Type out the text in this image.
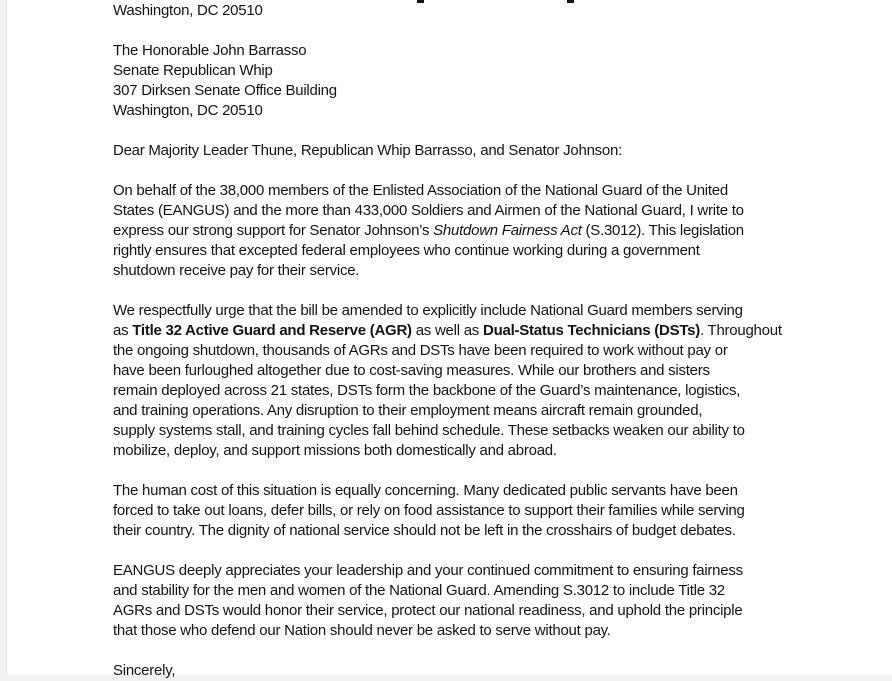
Washington, DC 20510
The Honorable John Barrasso
Senate Republican Whip
307 Dirksen Senate Office Building
Washington, DC 20510
Dear Majority Leader Thune, Republican Whip Barrasso, and Senator Johnson:
On behalf of the 38,000 members of the Enlisted Association of the National Guard of the United
States (EANGUS) and the more than 433,000 Soldiers and Airmen of the National Guard, I write to
express our strong support for Senator Johnson’s Shutdown Fairness Act (S.3012). This legislation
rightly ensures that excepted federal employees who continue working during a government
shutdown receive pay for their service.
We respectfully urge that the bill be amended to explicitly include National Guard members serving
as Title 32 Active Guard and Reserve (AGR) as well as Dual-Status Technicians (DSTs). Throughout
the ongoing shutdown, thousands of AGRs and DSTs have been required to work without pay or
have been furloughed altogether due to cost-saving measures. While our brothers and sisters
remain deployed across 21 states, DSTs form the backbone of the Guard’s maintenance, logistics,
and training operations. Any disruption to their employment means aircraft remain grounded,
supply systems stall, and training cycles fall behind schedule. These setbacks weaken our ability to
mobilize, deploy, and support missions both domestically and abroad.
The human cost of this situation is equally concerning. Many dedicated public servants have been
forced to take out loans, defer bills, or rely on food assistance to support their families while serving
their country. The dignity of national service should not be left in the crosshairs of budget debates.
EANGUS deeply appreciates your leadership and your continued commitment to ensuring fairness
and stability for the men and women of the National Guard. Amending S.3012 to include Title 32
AGRs and DSTs would honor their service, protect our national readiness, and uphold the principle
that those who defend our Nation should never be asked to serve without pay.
Sincerely,
